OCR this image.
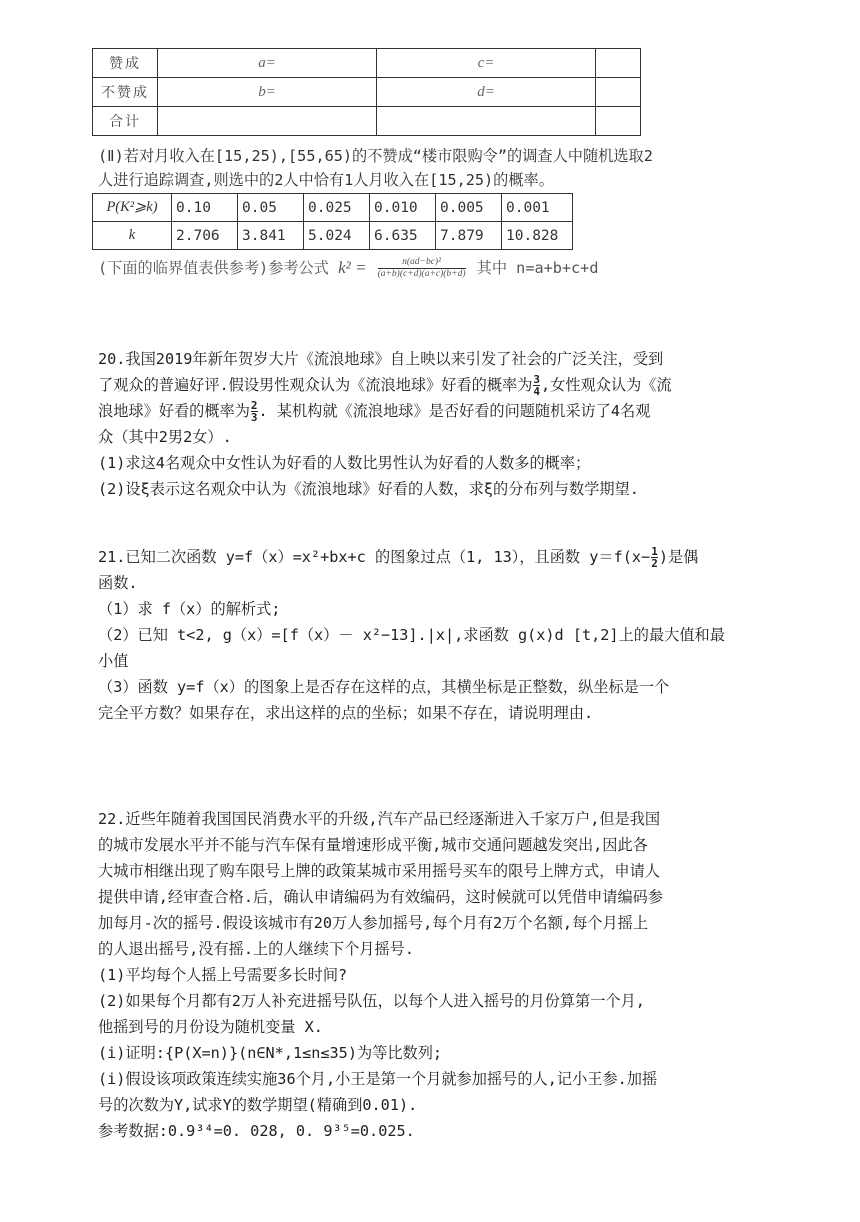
赞成	a=	c=	
不赞成	b=	d=	
合计			
(Ⅱ)若对月收入在[15,25),[55,65)的不赞成“楼市限购令”的调查人中随机选取2
人进行追踪调查,则选中的2人中恰有1人月收入在[15,25)的概率。
P(K²⩾k)	0.10	0.05	0.025	0.010	0.005	0.001
k	2.706	3.841	5.024	6.635	7.879	10.828
(下面的临界值表供参考)参考公式 $k^2 = \frac{\text{n(ad−bc)²}}{(a+b)(c+d)(a+c)(b+d)}$ 其中 n=a+b+c+d
20.我国2019年新年贺岁大片《流浪地球》自上映以来引发了社会的广泛关注，受到
了观众的普遍好评.假设男性观众认为《流浪地球》好看的概率为 $\frac{3}{4}$ ,女性观众认为《流
浪地球》好看的概率为 $\frac{2}{3}$ . 某机构就《流浪地球》是否好看的问题随机采访了4名观
众（其中2男2女）.
(1)求这4名观众中女性认为好看的人数比男性认为好看的人数多的概率；
(2)设ξ表示这名观众中认为《流浪地球》好看的人数，求ξ的分布列与数学期望.
21.已知二次函数 y=f（x）=x²+bx+c 的图象过点（1, 13），且函数 $y=f(x- \frac{1}{2}$ )是偶
函数.
（1）求 f（x）的解析式;
（2）已知 t<2, g（x）=[f（x）－ x²−13].|x|,求函数 g(x)d [t,2]上的最大值和最
小值
（3）函数 y=f（x）的图象上是否存在这样的点，其横坐标是正整数，纵坐标是一个
完全平方数？如果存在，求出这样的点的坐标；如果不存在，请说明理由.
22.近些年随着我国国民消费水平的升级,汽车产品已经逐渐进入千家万户,但是我国
的城市发展水平并不能与汽车保有量增速形成平衡,城市交通问题越发突出,因此各
大城市相继出现了购车限号上牌的政策某城市采用摇号买车的限号上牌方式，申请人
提供申请,经审查合格.后，确认申请编码为有效编码，这时候就可以凭借申请编码参
加每月-次的摇号.假设该城市有20万人参加摇号,每个月有2万个名额,每个月摇上
的人退出摇号,没有摇.上的人继续下个月摇号.
(1)平均每个人摇上号需要多长时间?
(2)如果每个月都有2万人补充进摇号队伍，以每个人进入摇号的月份算第一个月,
他摇到号的月份设为随机变量 X.
(i)证明:{P(X=n)}(n∈N*,1≤n≤35)为等比数列;
(i)假设该项政策连续实施36个月,小王是第一个月就参加摇号的人,记小王参.加摇
号的次数为Y,试求Y的数学期望(精确到0.01).
参考数据:0.9³⁴=0. 028, 0. 9³⁵=0.025.
